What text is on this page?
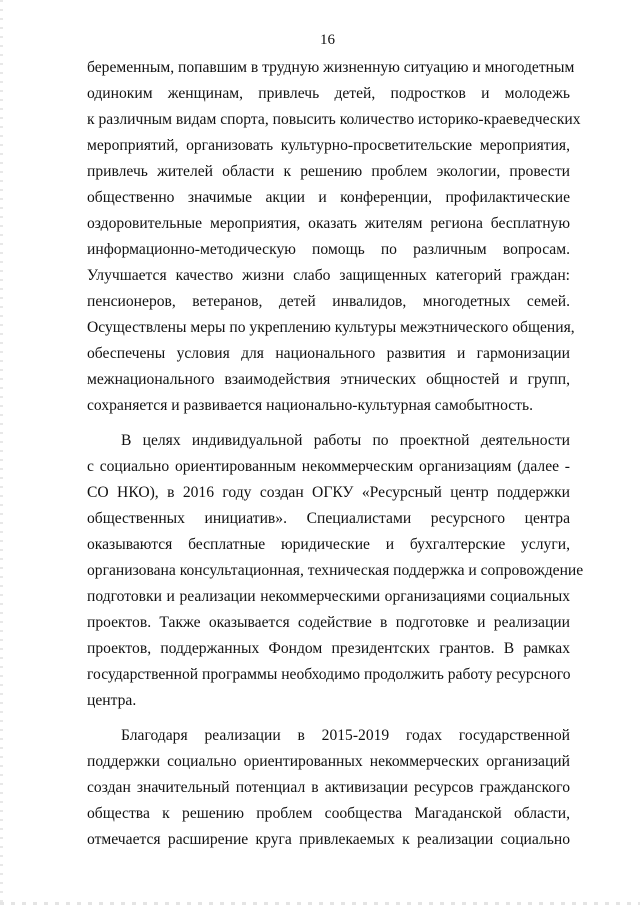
16
беременным, попавшим в трудную жизненную ситуацию и многодетным
одиноким женщинам, привлечь детей, подростков и молодежь
к различным видам спорта, повысить количество историко-краеведческих
мероприятий, организовать культурно-просветительские мероприятия,
привлечь жителей области к решению проблем экологии, провести
общественно значимые акции и конференции, профилактические
оздоровительные мероприятия, оказать жителям региона бесплатную
информационно-методическую помощь по различным вопросам.
Улучшается качество жизни слабо защищенных категорий граждан:
пенсионеров, ветеранов, детей инвалидов, многодетных семей.
Осуществлены меры по укреплению культуры межэтнического общения,
обеспечены условия для национального развития и гармонизации
межнационального взаимодействия этнических общностей и групп,
сохраняется и развивается национально-культурная самобытность.
В целях индивидуальной работы по проектной деятельности
с социально ориентированным некоммерческим организациям (далее -
СО НКО), в 2016 году создан ОГКУ «Ресурсный центр поддержки
общественных инициатив». Специалистами ресурсного центра
оказываются бесплатные юридические и бухгалтерские услуги,
организована консультационная, техническая поддержка и сопровождение
подготовки и реализации некоммерческими организациями социальных
проектов. Также оказывается содействие в подготовке и реализации
проектов, поддержанных Фондом президентских грантов. В рамках
государственной программы необходимо продолжить работу ресурсного
центра.
Благодаря реализации в 2015-2019 годах государственной
поддержки социально ориентированных некоммерческих организаций
создан значительный потенциал в активизации ресурсов гражданского
общества к решению проблем сообщества Магаданской области,
отмечается расширение круга привлекаемых к реализации социально
